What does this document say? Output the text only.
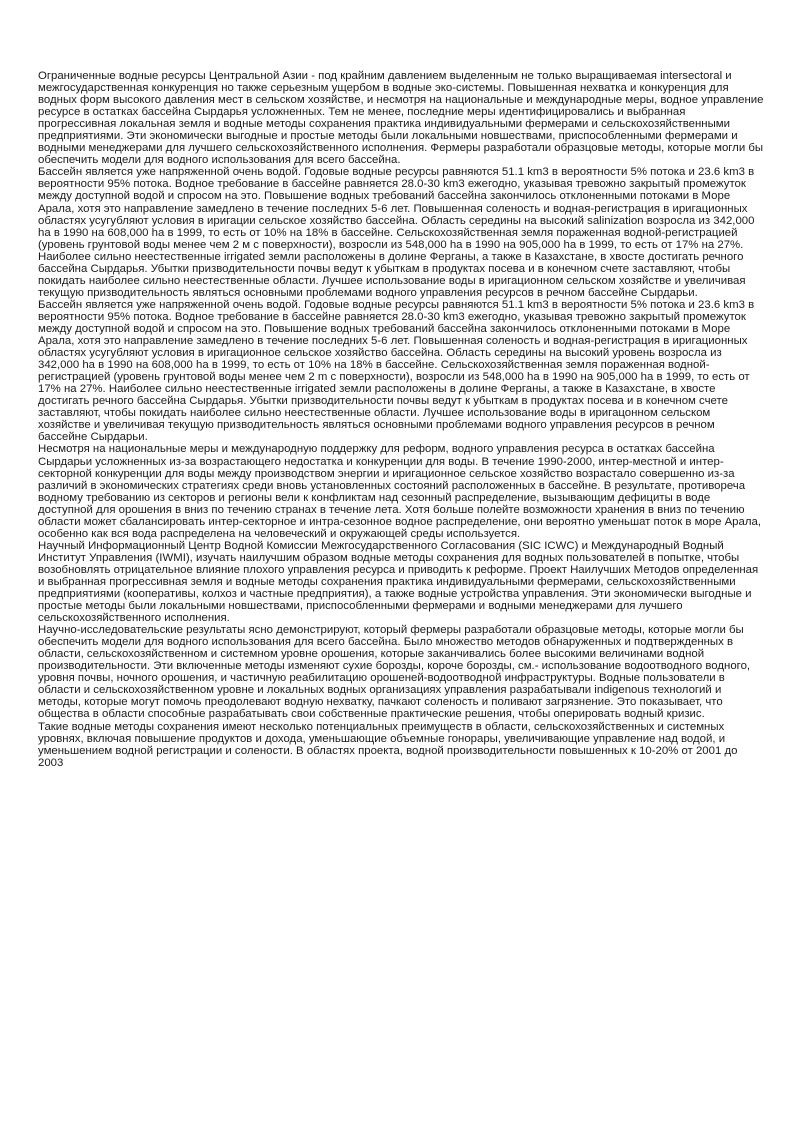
Ограниченные водные ресурсы Центральной Азии - под крайним давлением выделенным не только выращиваемая intersectoral и межгосударственная конкуренция но также серьезным ущербом в водные эко-системы. Повышенная нехватка и конкуренция для водных форм высокого давления мест в сельском хозяйстве, и несмотря на национальные и международные меры, водное управление ресурсе в остатках бассейна Сырдарья усложненных. Тем не менее, последние меры идентифицировались и выбранная прогрессивная локальная земля и водные методы сохранения практика индивидуальными фермерами и сельскохозяйственными предприятиями. Эти экономически выгодные и простые методы были локальными новшествами, приспособленными фермерами и водными менеджерами для лучшего сельскохозяйственного исполнения. Фермеры разработали образцовые методы, которые могли бы обеспечить модели для водного использования для всего бассейна.

Бассейн является уже напряженной очень водой. Годовые водные ресурсы равняются 51.1 km3 в вероятности 5% потока и 23.6 km3 в вероятности 95% потока. Водное требование в бассейне равняется 28.0-30 km3 ежегодно, указывая тревожно закрытый промежуток между доступной водой и спросом на это. Повышение водных требований бассейна закончилось отклоненными потоками в Море Арала, хотя это направление замедлено в течение последних 5-6 лет. Повышенная соленость и водная-регистрация в иригационных областях усугубляют условия в иригации сельское хозяйство бассейна. Область середины на высокий salinization возросла из 342,000 ha в 1990 на 608,000 ha в 1999, то есть от 10% на 18% в бассейне. Сельскохозяйственная земля пораженная водной-регистрацией (уровень грунтовой воды менее чем 2 м с поверхности), возросли из 548,000 ha в 1990 на 905,000 ha в 1999, то есть от 17% на 27%. Наиболее сильно неестественные irrigated земли расположены в долине Ферганы, а также в Казахстане, в хвосте достигать речного бассейна Сырдарья. Убытки призводительности почвы ведут к убыткам в продуктах посева и в конечном счете заставляют, чтобы покидать наиболее сильно неестественные области. Лучшее использование воды в иригационном сельском хозяйстве и увеличивая текущую призводительность являться основными проблемами водного управления ресурсов в речном бассейне Сырдарьи.

Бассейн является уже напряженной очень водой. Годовые водные ресурсы равняются 51.1 km3 в вероятности 5% потока и 23.6 km3 в вероятности 95% потока. Водное требование в бассейне равняется 28.0-30 km3 ежегодно, указывая тревожно закрытый промежуток между доступной водой и спросом на это. Повышение водных требований бассейна закончилось отклоненными потоками в Море Арала, хотя это направление замедлено в течение последних 5-6 лет. Повышенная соленость и водная-регистрация в иригационных областях усугубляют условия в иригационное сельское хозяйство бассейна. Область середины на высокий уровень возросла из 342,000 ha в 1990 на 608,000 ha в 1999, то есть от 10% на 18% в бассейне. Сельскохозяйственная земля пораженная водной-регистрацией (уровень грунтовой воды менее чем 2 m с поверхности), возросли из 548,000 ha в 1990 на 905,000 ha в 1999, то есть от 17% на 27%. Наиболее сильно неестественные irrigated земли расположены в долине Ферганы, а также в Казахстане, в хвосте достигать речного бассейна Сырдарья. Убытки призводительности почвы ведут к убыткам в продуктах посева и в конечном счете заставляют, чтобы покидать наиболее сильно неестественные области. Лучшее использование воды в иригацонном сельском хозяйстве и увеличивая текущую призводительность являться основными проблемами водного управления ресурсов в речном бассейне Сырдарьи.

Несмотря на национальные меры и международную поддержку для реформ, водного управления ресурса в остатках бассейна Сырдарьи усложненных из-за возрастающего недостатка и конкуренции для воды. В течение 1990-2000, интер-местной и интер-секторной конкуренции для воды между производством энергии и иригационное сельское хозяйство возрастало совершенно из-за различий в экономических стратегиях среди вновь установленных состояний расположенных в бассейне. В результате, противореча водному требованию из секторов и регионы вели к конфликтам над сезонный распределение, вызывающим дефициты в воде доступной для орошения в вниз по течению странах в течение лета. Хотя больше полейте возможности хранения в вниз по течению области может сбалансировать интер-секторное и интра-сезонное водное распределение, они вероятно уменьшат поток в море Арала, особенно как вся вода распределена на человеческий и окружающей среды используется.

Научный Информационный Центр Водной Комиссии Межгосударственного Согласования (SIC ICWC) и Международный Водный Институт Управления (IWMI), изучать наилучшим образом водные методы сохранения для водных пользователей в попытке, чтобы возобновлять отрицательное влияние плохого управления ресурса и приводить к реформе. Проект Наилучших Методов определенная и выбранная прогрессивная земля и водные методы сохранения практика индивидуальными фермерами, сельскохозяйственными предприятиями (кооперативы, колхоз и частные предприятия), а также водные устройства управления. Эти экономически выгодные и простые методы были локальными новшествами, приспособленными фермерами и водными менеджерами для лучшего сельскохозяйственного исполнения.

Научно-исследовательские результаты ясно демонстрируют, который фермеры разработали образцовые методы, которые могли бы обеспечить модели для водного использования для всего бассейна. Было множество методов обнаруженных и подтвержденных в области, сельскохозяйственном и системном уровне орошения, которые заканчивались более высокими величинами водной производительности. Эти включенные методы изменяют сухие борозды, короче борозды, см.- использование водоотводного водного, уровня почвы, ночного орошения, и частичную реабилитацию орошеней-водоотводной инфраструктуры. Водные пользователи в области и сельскохозяйственном уровне и локальных водных организациях управления разрабатывали indigenous технологий и методы, которые могут помочь преодолевают водную нехватку, пачкают соленость и поливают загрязнение. Это показывает, что общества в области способные разрабатывать свои собственные практические решения, чтобы оперировать водный кризис.

Такие водные методы сохранения имеют несколько потенциальных преимуществ в области, сельскохозяйственных и системных уровнях, включая повышение продуктов и дохода, уменьшающие объемные гонорары, увеличивающие управление над водой, и уменьшением водной регистрации и солености. В областях проекта, водной производительности повышенных к 10-20% от 2001 до 2003
